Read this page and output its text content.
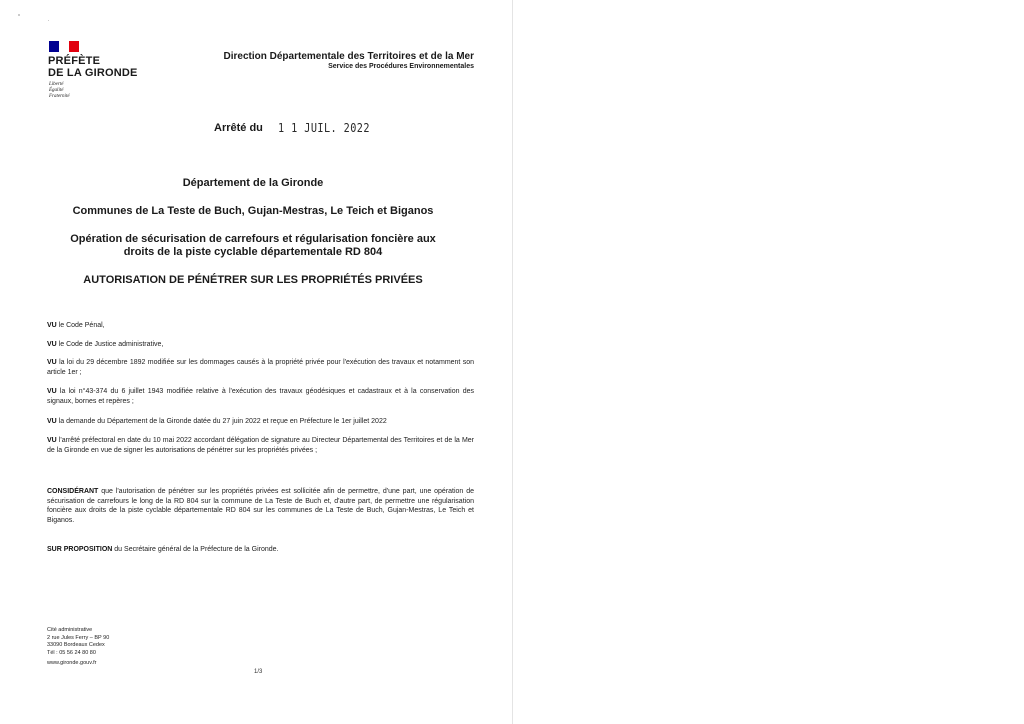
PRÉFÈTE
DE LA GIRONDE
Liberté
Égalité
Fraternité
Direction Départementale des Territoires et de la Mer
Service des Procédures Environnementales
Arrêté du 1 1 JUIL. 2022
Département de la Gironde
Communes de La Teste de Buch, Gujan-Mestras, Le Teich et Biganos
Opération de sécurisation de carrefours et régularisation foncière aux
droits de la piste cyclable départementale RD 804
AUTORISATION DE PÉNÉTRER SUR LES PROPRIÉTÉS PRIVÉES
VU le Code Pénal,
VU le Code de Justice administrative,
VU la loi du 29 décembre 1892 modifiée sur les dommages causés à la propriété privée pour l'exécution des travaux et notamment son article 1er ;
VU la loi n°43-374 du 6 juillet 1943 modifiée relative à l'exécution des travaux géodésiques et cadastraux et à la conservation des signaux, bornes et repères ;
VU la demande du Département de la Gironde datée du 27 juin 2022 et reçue en Préfecture le 1er juillet 2022
VU l'arrêté préfectoral en date du 10 mai 2022 accordant délégation de signature au Directeur Départemental des Territoires et de la Mer de la Gironde en vue de signer les autorisations de pénétrer sur les propriétés privées ;
CONSIDÉRANT que l'autorisation de pénétrer sur les propriétés privées est sollicitée afin de permettre, d'une part, une opération de sécurisation de carrefours le long de la RD 804 sur la commune de La Teste de Buch et, d'autre part, de permettre une régularisation foncière aux droits de la piste cyclable départementale RD 804 sur les communes de La Teste de Buch, Gujan-Mestras, Le Teich et Biganos.
SUR PROPOSITION du Secrétaire général de la Préfecture de la Gironde.
Cité administrative
2 rue Jules Ferry – BP 90
33090 Bordeaux Cedex
Tél : 05 56 24 80 80
www.gironde.gouv.fr
1/3
